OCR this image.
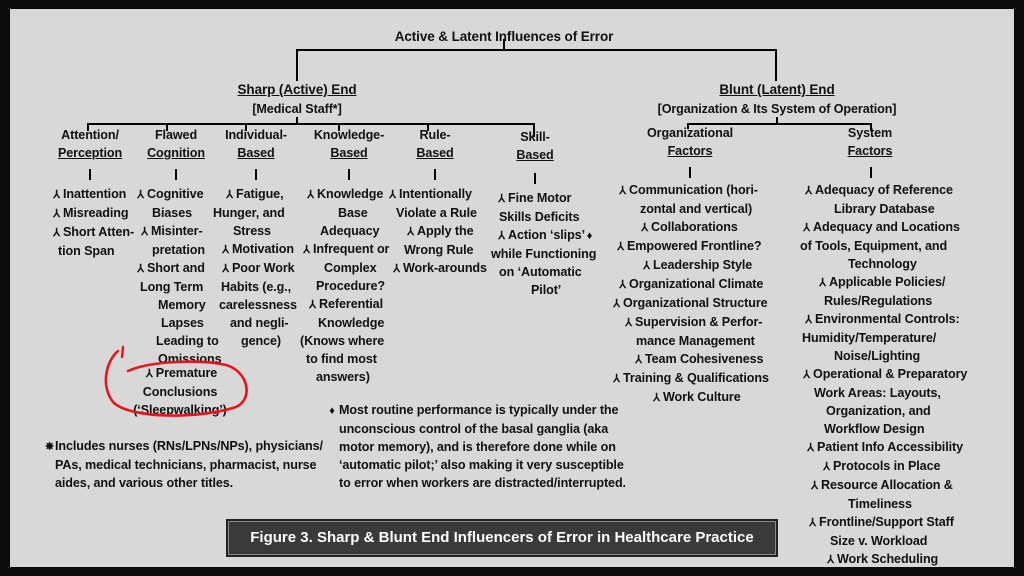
Active & Latent Influences of Error
Sharp (Active) End
[Medical Staff*]
Blunt (Latent) End
[Organization & Its System of Operation]
Attention/
Perception
Flawed
Cognition
Individual-
Based
Knowledge-
Based
Rule-
Based
Skill-
Based
Organizational
Factors
System
Factors
⅄ Inattention
⅄ Misreading
⅄ Short Atten-
tion Span
⅄ Cognitive
Biases
⅄ Misinter-
pretation
⅄ Short and
Long Term
Memory
Lapses
Leading to
Omissions
⅄ Fatigue,
Hunger, and
Stress
⅄ Motivation
⅄ Poor Work
Habits (e.g.,
carelessness
and negli-
gence)
⅄ Knowledge
Base
Adequacy
⅄ Infrequent or
Complex
Procedure?
⅄ Referential
Knowledge
(Knows where
to find most
answers)
⅄ Intentionally
Violate a Rule
⅄ Apply the
Wrong Rule
⅄ Work-arounds
⅄ Fine Motor
Skills Deficits
⅄ Action ‘slips’ ♦
while Functioning
on ‘Automatic
Pilot’
⅄ Communication (hori-
zontal and vertical)
⅄ Collaborations
⅄ Empowered Frontline?
⅄ Leadership Style
⅄ Organizational Climate
⅄ Organizational Structure
⅄ Supervision & Perfor-
mance Management
⅄ Team Cohesiveness
⅄ Training & Qualifications
⅄ Work Culture
⅄ Adequacy of Reference
Library Database
⅄ Adequacy and Locations
of Tools, Equipment, and
Technology
⅄ Applicable Policies/
Rules/Regulations
⅄ Environmental Controls:
Humidity/Temperature/
Noise/Lighting
⅄ Operational & Preparatory
Work Areas: Layouts,
Organization, and
Workflow Design
⅄ Patient Info Accessibility
⅄ Protocols in Place
⅄ Resource Allocation &
Timeliness
⅄ Frontline/Support Staff
Size v. Workload
⅄ Work Scheduling
⅄ Premature
Conclusions
(‘Sleepwalking’)
✸Includes nurses (RNs/LPNs/NPs), physicians/
PAs, medical technicians, pharmacist, nurse
aides, and various other titles.
♦ Most routine performance is typically under the
unconscious control of the basal ganglia (aka
motor memory), and is therefore done while on
‘automatic pilot;’ also making it very susceptible
to error when workers are distracted/interrupted.
Figure 3. Sharp & Blunt End Influencers of Error in Healthcare Practice
